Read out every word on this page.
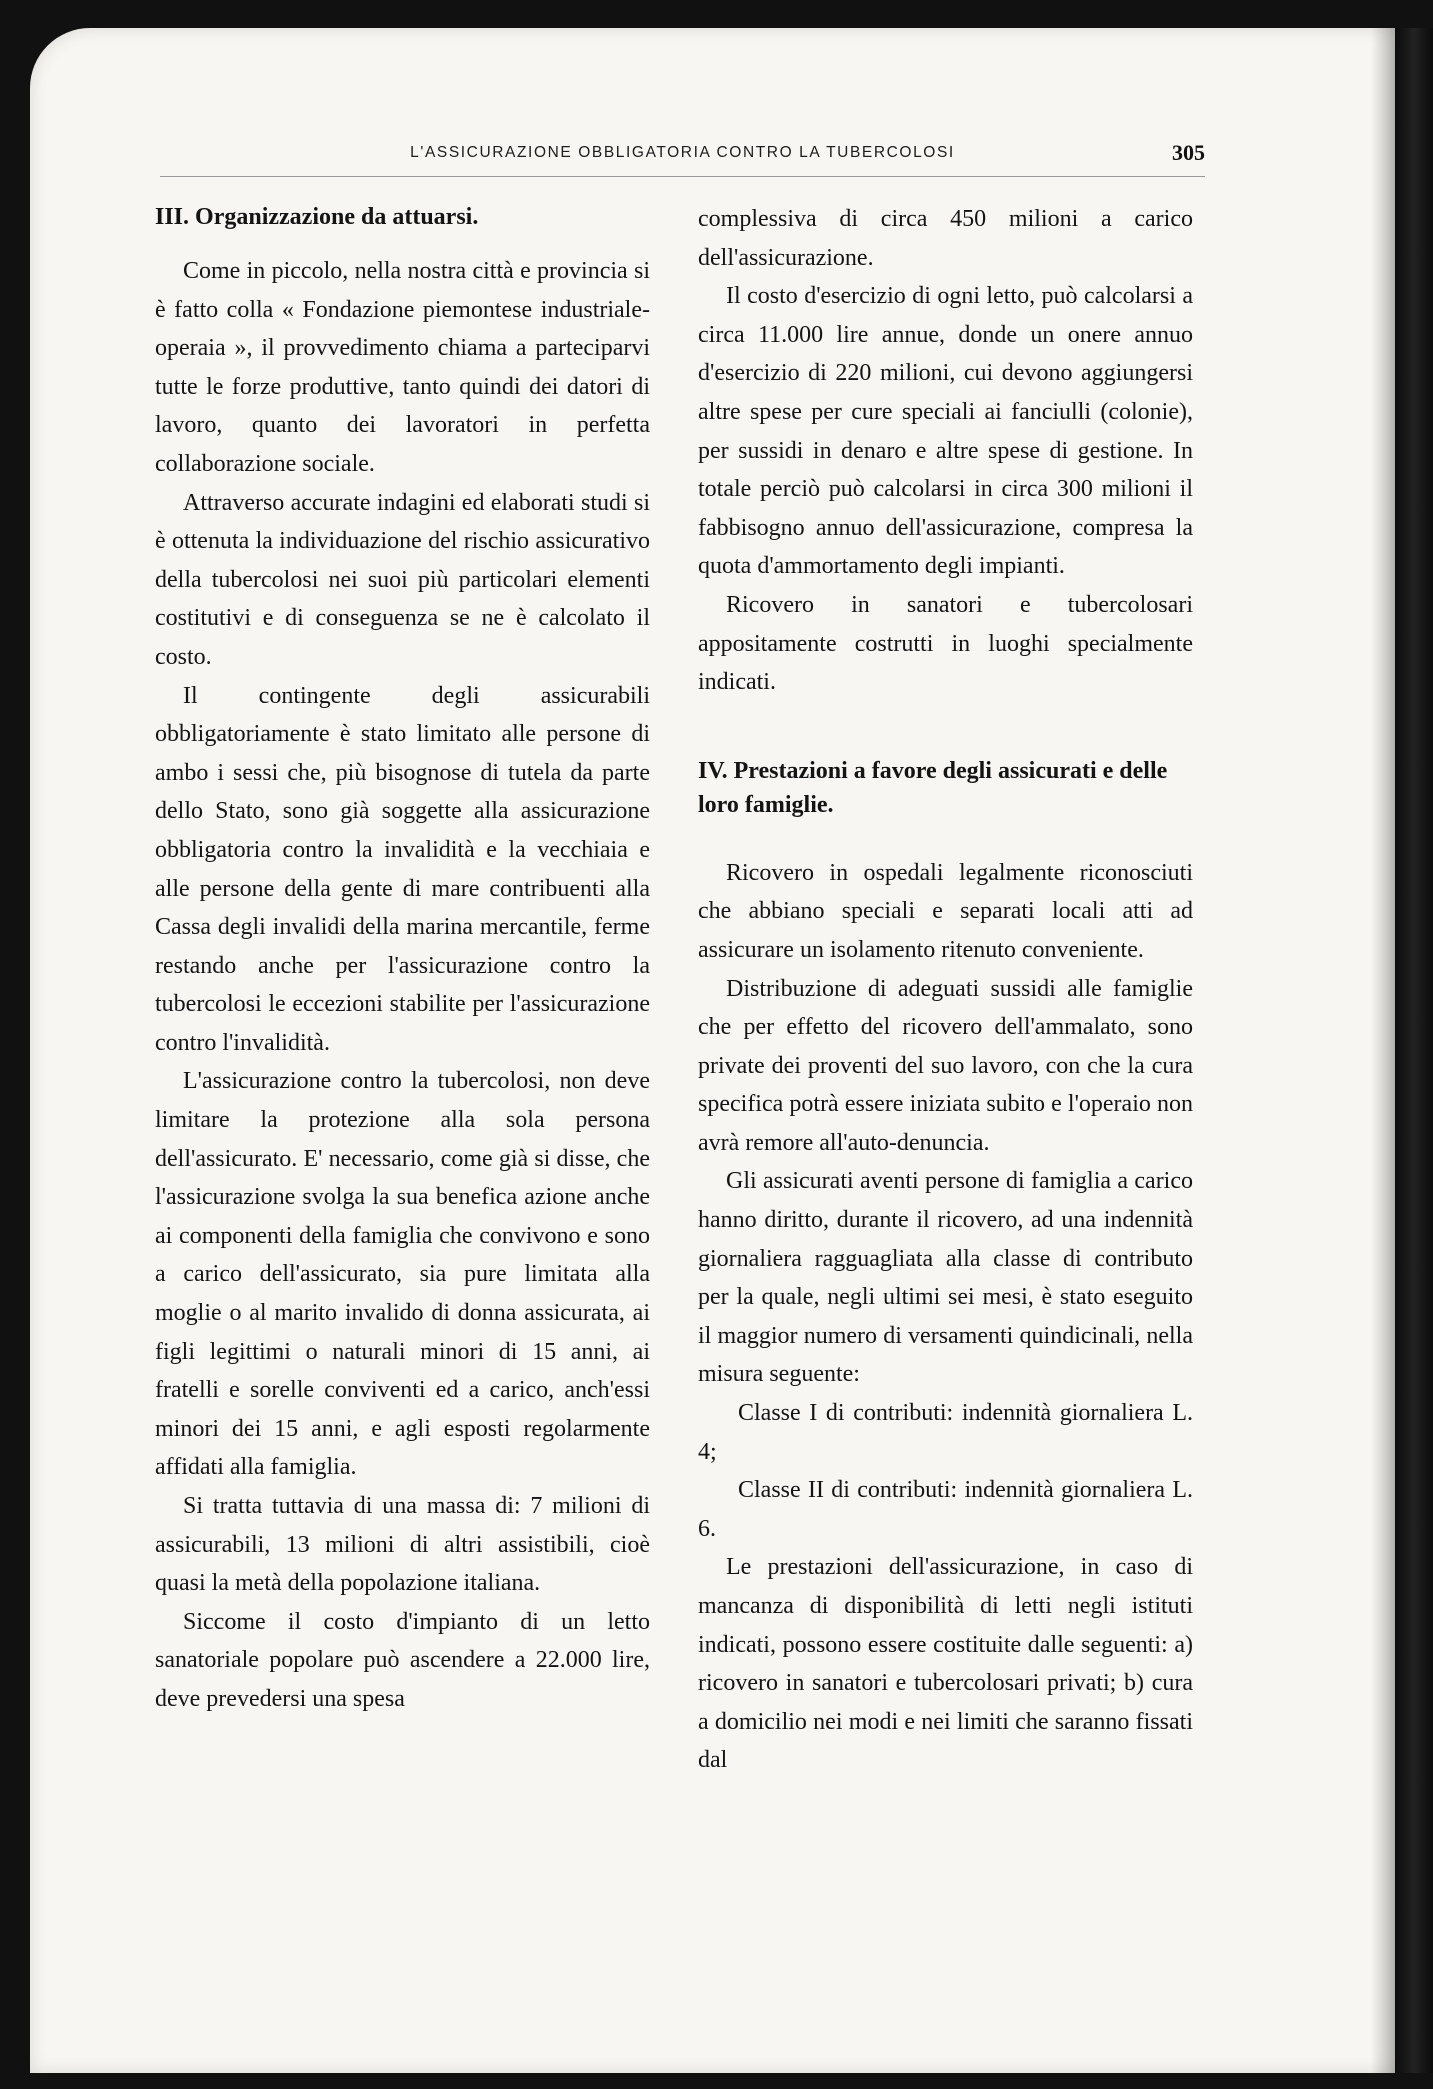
L'ASSICURAZIONE OBBLIGATORIA CONTRO LA TUBERCOLOSI	305
III. Organizzazione da attuarsi.

Come in piccolo, nella nostra città e provincia si è fatto colla « Fondazione piemontese industriale-operaia », il provvedimento chiama a parteciparvi tutte le forze produttive, tanto quindi dei datori di lavoro, quanto dei lavoratori in perfetta collaborazione sociale.

Attraverso accurate indagini ed elaborati studi si è ottenuta la individuazione del rischio assicurativo della tubercolosi nei suoi più particolari elementi costitutivi e di conseguenza se ne è calcolato il costo.

Il contingente degli assicurabili obbligatoriamente è stato limitato alle persone di ambo i sessi che, più bisognose di tutela da parte dello Stato, sono già soggette alla assicurazione obbligatoria contro la invalidità e la vecchiaia e alle persone della gente di mare contribuenti alla Cassa degli invalidi della marina mercantile, ferme restando anche per l'assicurazione contro la tubercolosi le eccezioni stabilite per l'assicurazione contro l'invalidità.

L'assicurazione contro la tubercolosi, non deve limitare la protezione alla sola persona dell'assicurato. E' necessario, come già si disse, che l'assicurazione svolga la sua benefica azione anche ai componenti della famiglia che convivono e sono a carico dell'assicurato, sia pure limitata alla moglie o al marito invalido di donna assicurata, ai figli legittimi o naturali minori di 15 anni, ai fratelli e sorelle conviventi ed a carico, anch'essi minori dei 15 anni, e agli esposti regolarmente affidati alla famiglia.

Si tratta tuttavia di una massa di: 7 milioni di assicurabili, 13 milioni di altri assistibili, cioè quasi la metà della popolazione italiana.

Siccome il costo d'impianto di un letto sanatoriale popolare può ascendere a 22.000 lire, deve prevedersi una spesa

complessiva di circa 450 milioni a carico dell'assicurazione.

Il costo d'esercizio di ogni letto, può calcolarsi a circa 11.000 lire annue, donde un onere annuo d'esercizio di 220 milioni, cui devono aggiungersi altre spese per cure speciali ai fanciulli (colonie), per sussidi in denaro e altre spese di gestione. In totale perciò può calcolarsi in circa 300 milioni il fabbisogno annuo dell'assicurazione, compresa la quota d'ammortamento degli impianti.

Ricovero in sanatori e tubercolosari appositamente costrutti in luoghi specialmente indicati.

IV. Prestazioni a favore degli assicurati e delle loro famiglie.

Ricovero in ospedali legalmente riconosciuti che abbiano speciali e separati locali atti ad assicurare un isolamento ritenuto conveniente.

Distribuzione di adeguati sussidi alle famiglie che per effetto del ricovero dell'ammalato, sono private dei proventi del suo lavoro, con che la cura specifica potrà essere iniziata subito e l'operaio non avrà remore all'auto-denuncia.

Gli assicurati aventi persone di famiglia a carico hanno diritto, durante il ricovero, ad una indennità giornaliera ragguagliata alla classe di contributo per la quale, negli ultimi sei mesi, è stato eseguito il maggior numero di versamenti quindicinali, nella misura seguente:

Classe I di contributi: indennità giornaliera L. 4;

Classe II di contributi: indennità giornaliera L. 6.

Le prestazioni dell'assicurazione, in caso di mancanza di disponibilità di letti negli istituti indicati, possono essere costituite dalle seguenti: a) ricovero in sanatori e tubercolosari privati; b) cura a domicilio nei modi e nei limiti che saranno fissati dal
